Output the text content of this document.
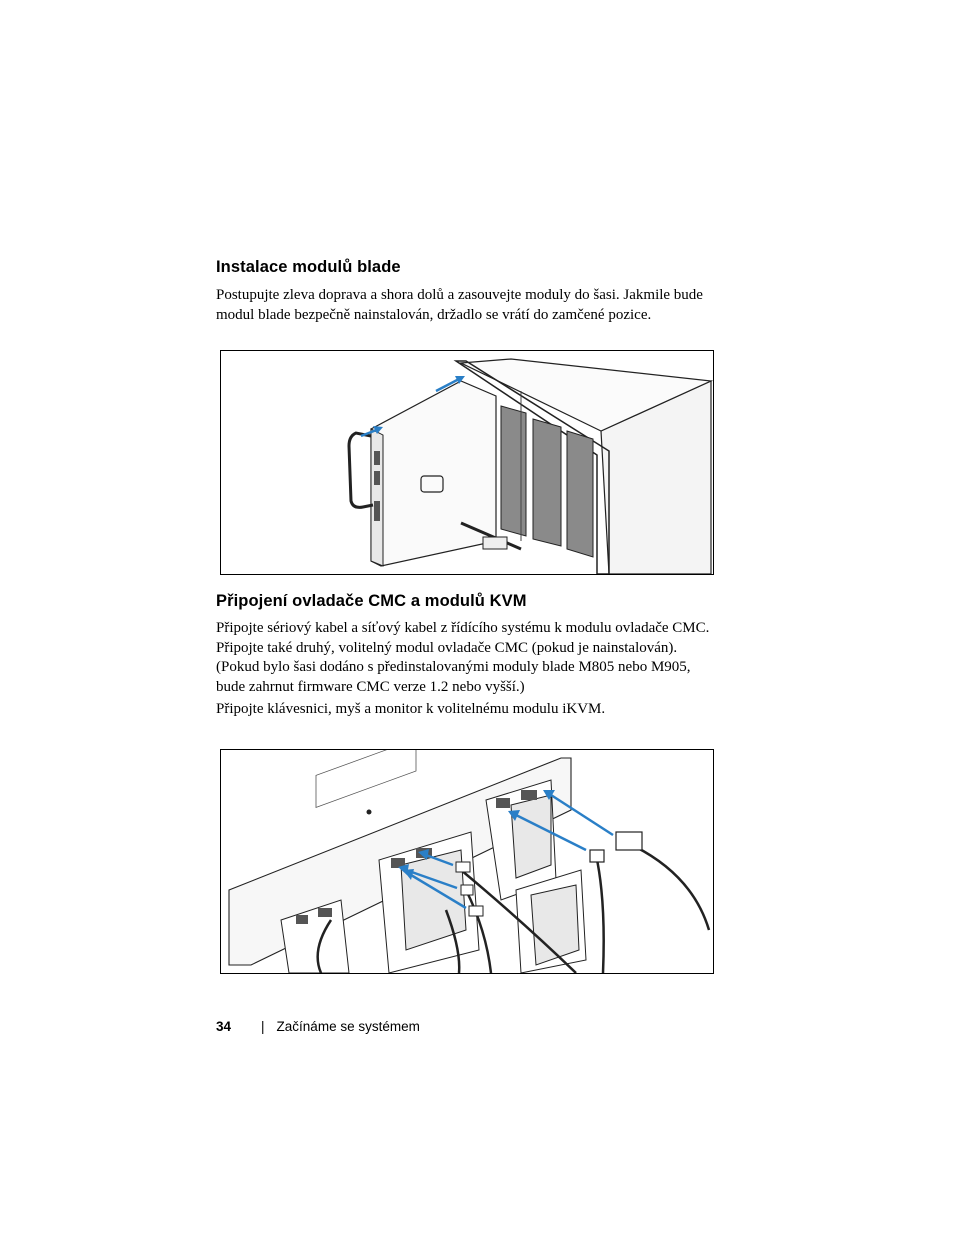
Instalace modulů blade

Postupujte zleva doprava a shora dolů a zasouvejte moduly do šasi. Jakmile bude
modul blade bezpečně nainstalován, držadlo se vrátí do zamčené pozice.

Připojení ovladače CMC a modulů KVM

Připojte sériový kabel a síťový kabel z řídícího systému k modulu ovladače CMC.
Připojte také druhý, volitelný modul ovladače CMC (pokud je nainstalován).
(Pokud bylo šasi dodáno s předinstalovanými moduly blade M805 nebo M905,
bude zahrnut firmware CMC verze 1.2 nebo vyšší.)

Připojte klávesnici, myš a monitor k volitelnému modulu iKVM.

34 | Začínáme se systémem
